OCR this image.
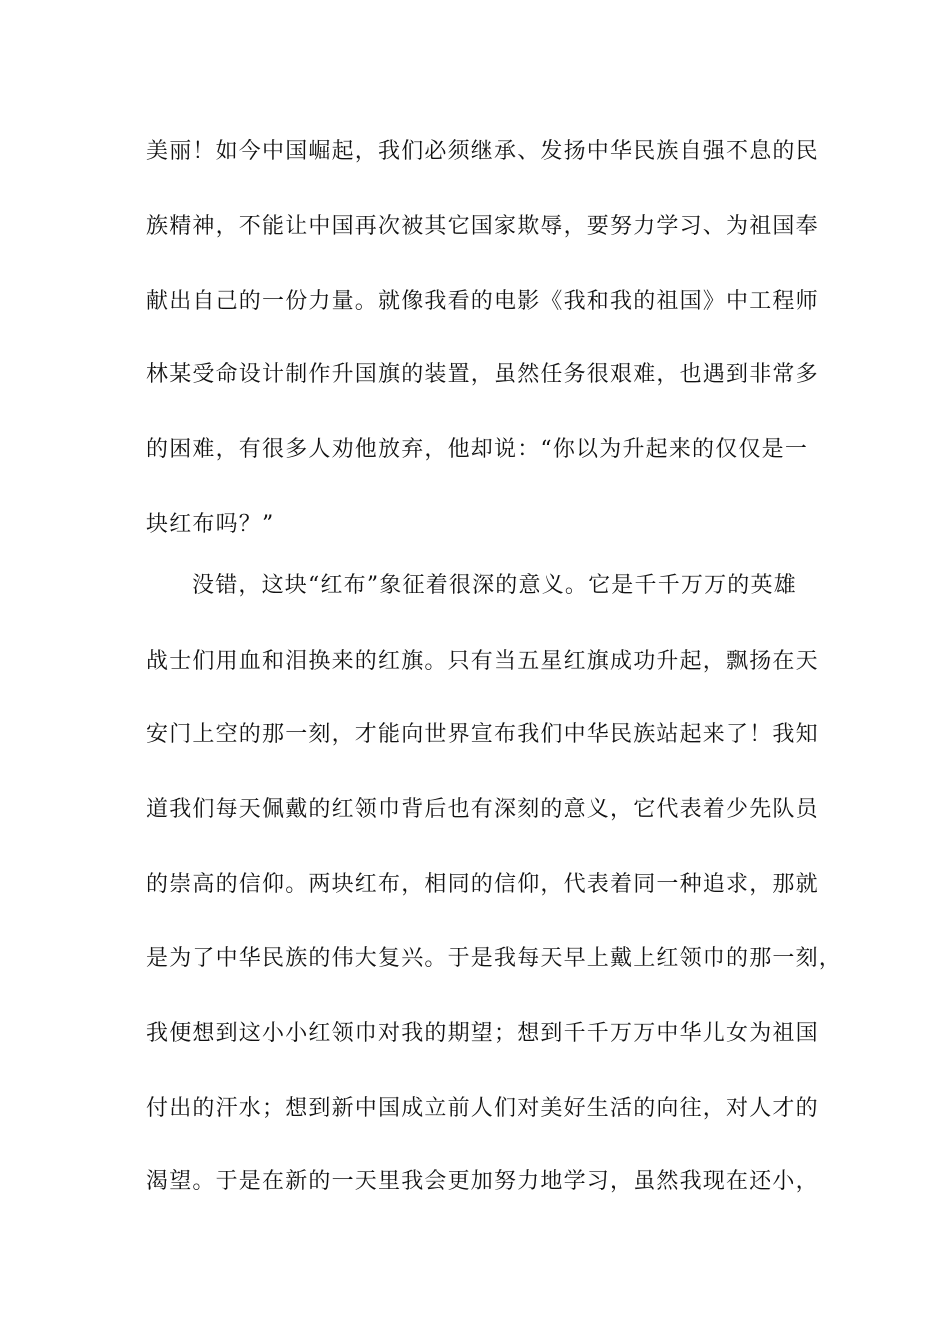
美丽！如今中国崛起，我们必须继承、发扬中华民族自强不息的民
族精神，不能让中国再次被其它国家欺辱，要努力学习、为祖国奉
献出自己的一份力量。就像我看的电影《我和我的祖国》中工程师
林某受命设计制作升国旗的装置，虽然任务很艰难，也遇到非常多
的困难，有很多人劝他放弃，他却说：“你以为升起来的仅仅是一
块红布吗？”
没错，这块“红布”象征着很深的意义。它是千千万万的英雄
战士们用血和泪换来的红旗。只有当五星红旗成功升起，飘扬在天
安门上空的那一刻，才能向世界宣布我们中华民族站起来了！我知
道我们每天佩戴的红领巾背后也有深刻的意义，它代表着少先队员
的崇高的信仰。两块红布，相同的信仰，代表着同一种追求，那就
是为了中华民族的伟大复兴。于是我每天早上戴上红领巾的那一刻，
我便想到这小小红领巾对我的期望；想到千千万万中华儿女为祖国
付出的汗水；想到新中国成立前人们对美好生活的向往，对人才的
渴望。于是在新的一天里我会更加努力地学习，虽然我现在还小，
